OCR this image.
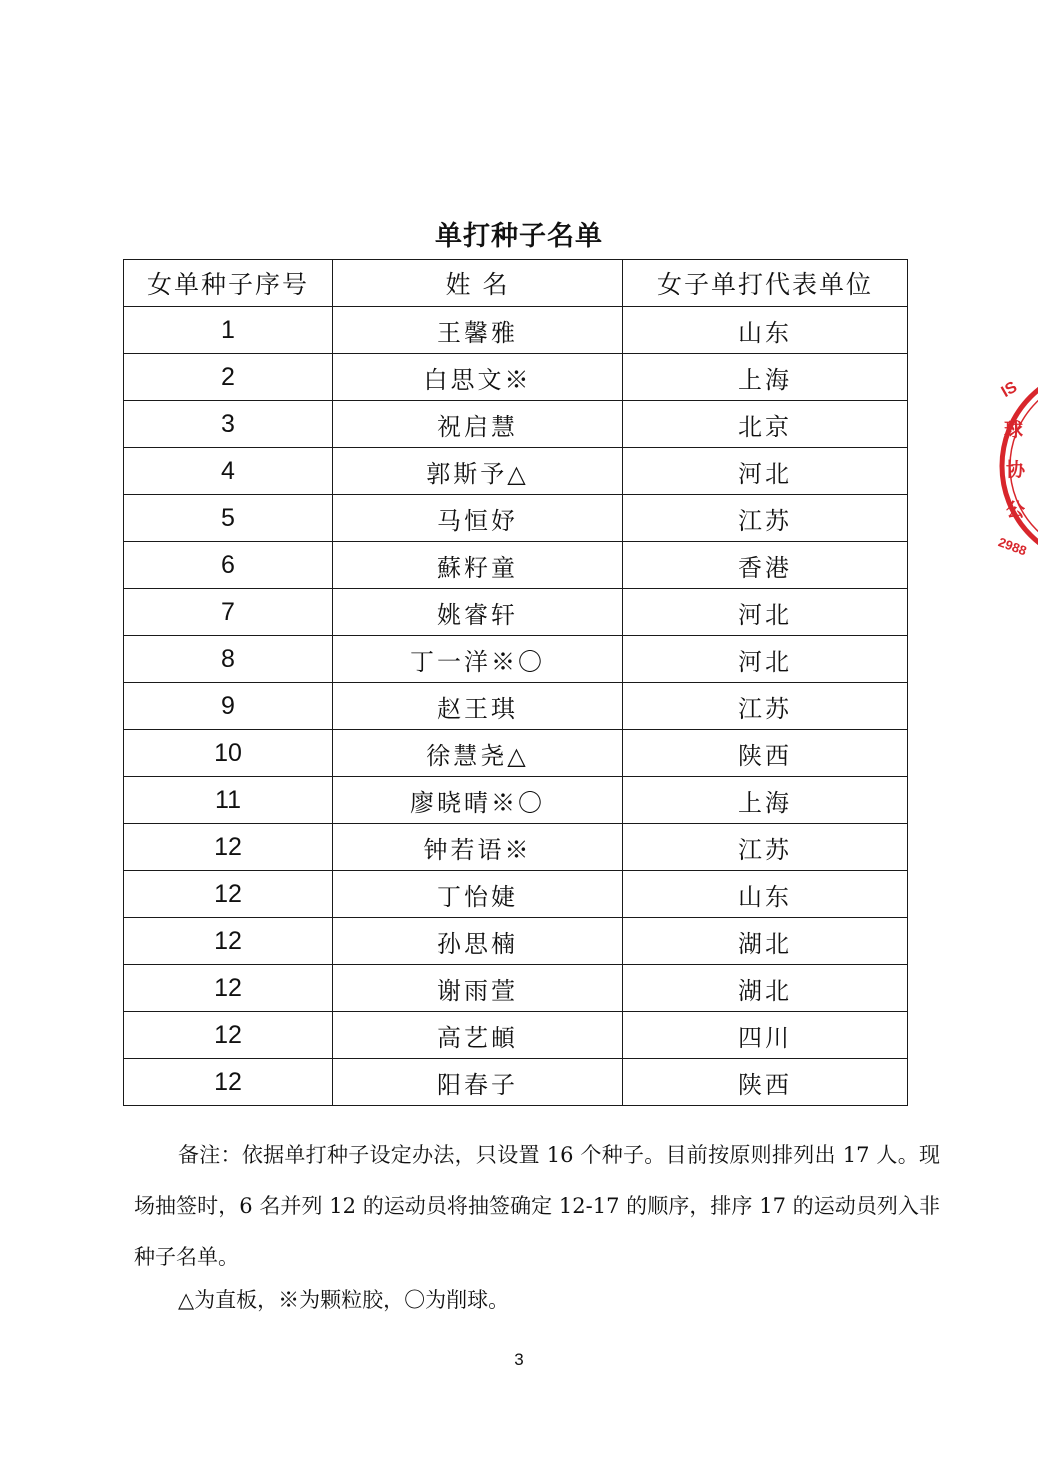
单打种子名单
女单种子序号	姓 名	女子单打代表单位
1	王馨雅	山东
2	白思文※	上海
3	祝启慧	北京
4	郭斯予△	河北
5	马恒妤	江苏
6	蘇籽童	香港
7	姚睿轩	河北
8	丁一洋※〇	河北
9	赵王琪	江苏
10	徐慧尧△	陕西
11	廖晓晴※〇	上海
12	钟若语※	江苏
12	丁怡婕	山东
12	孙思楠	湖北
12	谢雨萱	湖北
12	高艺頔	四川
12	阳春子	陕西

备注：依据单打种子设定办法，只设置 16 个种子。目前按原则排列出 17 人。现场抽签时，6 名并列 12 的运动员将抽签确定 12-17 的顺序，排序 17 的运动员列入非种子名单。

△为直板，※为颗粒胶，〇为削球。

3
IS
球
协
公
2988
